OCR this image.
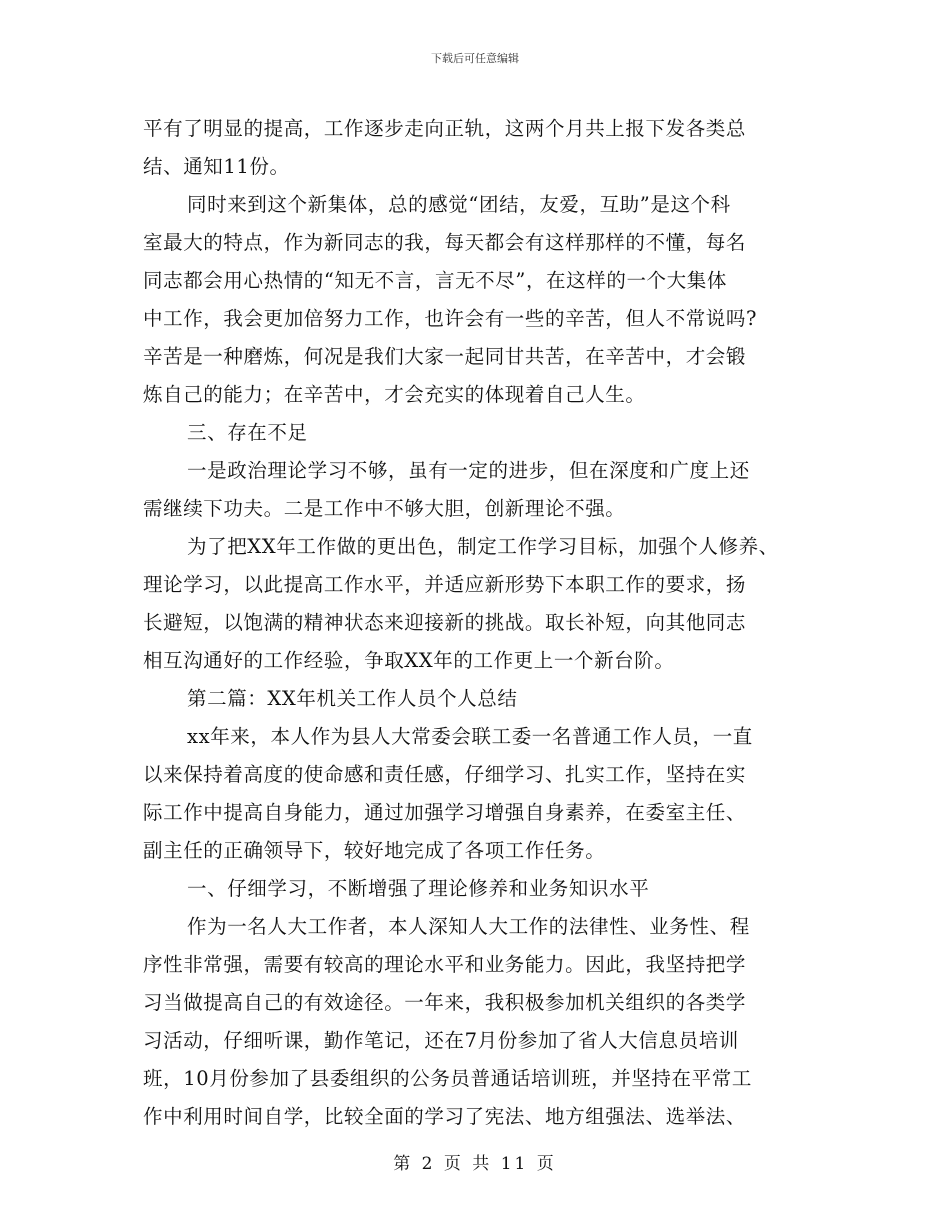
下载后可任意编辑
平有了明显的提高，工作逐步走向正轨，这两个月共上报下发各类总
结、通知11份。
同时来到这个新集体，总的感觉“团结，友爱，互助”是这个科
室最大的特点，作为新同志的我，每天都会有这样那样的不懂，每名
同志都会用心热情的“知无不言，言无不尽”，在这样的一个大集体
中工作，我会更加倍努力工作，也许会有一些的辛苦，但人不常说吗?
辛苦是一种磨炼，何况是我们大家一起同甘共苦，在辛苦中，才会锻
炼自己的能力；在辛苦中，才会充实的体现着自己人生。
三、存在不足
一是政治理论学习不够，虽有一定的进步，但在深度和广度上还
需继续下功夫。二是工作中不够大胆，创新理论不强。
为了把XX年工作做的更出色，制定工作学习目标，加强个人修养、
理论学习，以此提高工作水平，并适应新形势下本职工作的要求，扬
长避短，以饱满的精神状态来迎接新的挑战。取长补短，向其他同志
相互沟通好的工作经验，争取XX年的工作更上一个新台阶。
第二篇：XX年机关工作人员个人总结
xx年来，本人作为县人大常委会联工委一名普通工作人员，一直
以来保持着高度的使命感和责任感，仔细学习、扎实工作，坚持在实
际工作中提高自身能力，通过加强学习增强自身素养，在委室主任、
副主任的正确领导下，较好地完成了各项工作任务。
一、仔细学习，不断增强了理论修养和业务知识水平
作为一名人大工作者，本人深知人大工作的法律性、业务性、程
序性非常强，需要有较高的理论水平和业务能力。因此，我坚持把学
习当做提高自己的有效途径。一年来，我积极参加机关组织的各类学
习活动，仔细听课，勤作笔记，还在7月份参加了省人大信息员培训
班，10月份参加了县委组织的公务员普通话培训班，并坚持在平常工
作中利用时间自学，比较全面的学习了宪法、地方组强法、选举法、
第 2 页 共 11 页
